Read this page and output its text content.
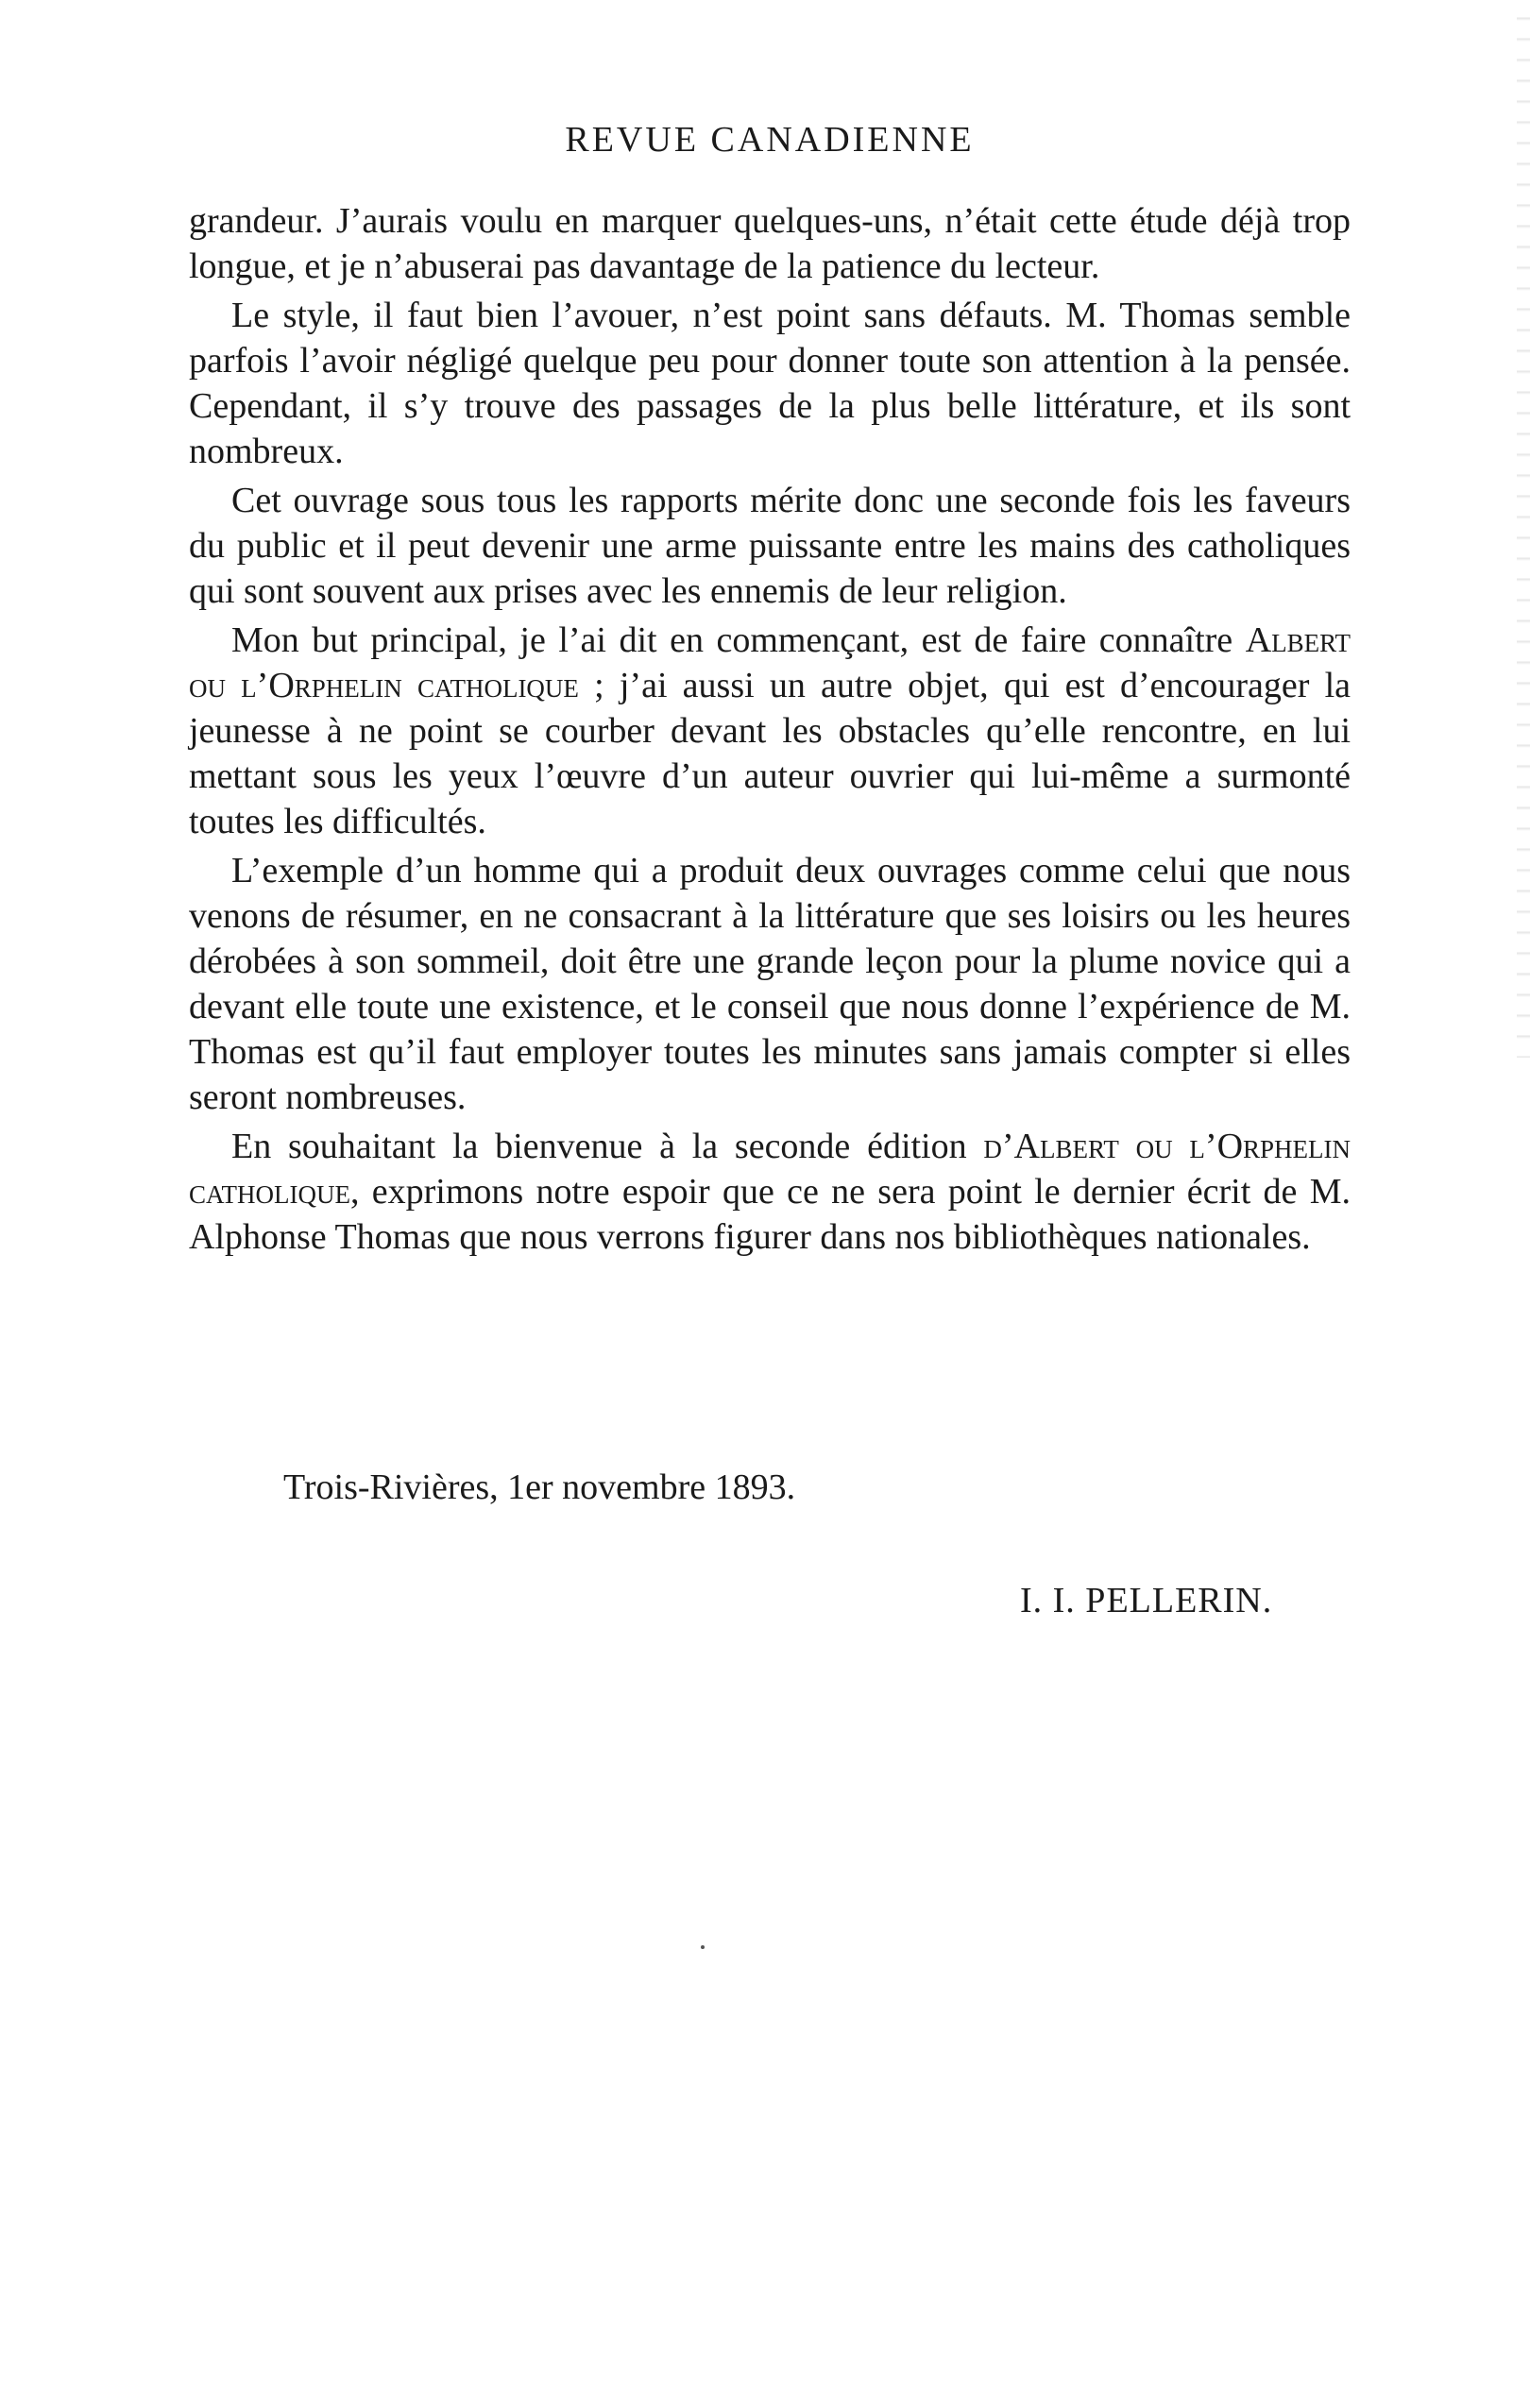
REVUE CANADIENNE

grandeur. J’aurais voulu en marquer quelques-uns, n’était cette étude déjà trop longue, et je n’abuserai pas davantage de la patience du lecteur.

Le style, il faut bien l’avouer, n’est point sans défauts. M. Thomas semble parfois l’avoir négligé quelque peu pour donner toute son attention à la pensée. Cependant, il s’y trouve des passages de la plus belle littérature, et ils sont nombreux.

Cet ouvrage sous tous les rapports mérite donc une seconde fois les faveurs du public et il peut devenir une arme puissante entre les mains des catholiques qui sont souvent aux prises avec les ennemis de leur religion.

Mon but principal, je l’ai dit en commençant, est de faire connaître Albert ou l’Orphelin catholique ; j’ai aussi un autre objet, qui est d’encourager la jeunesse à ne point se courber devant les obstacles qu’elle rencontre, en lui mettant sous les yeux l’œuvre d’un auteur ouvrier qui lui-même a surmonté toutes les difficultés.

L’exemple d’un homme qui a produit deux ouvrages comme celui que nous venons de résumer, en ne consacrant à la littérature que ses loisirs ou les heures dérobées à son sommeil, doit être une grande leçon pour la plume novice qui a devant elle toute une existence, et le conseil que nous donne l’expérience de M. Thomas est qu’il faut employer toutes les minutes sans jamais compter si elles seront nombreuses.

En souhaitant la bienvenue à la seconde édition d’Albert ou l’Orphelin catholique, exprimons notre espoir que ce ne sera point le dernier écrit de M. Alphonse Thomas que nous verrons figurer dans nos bibliothèques nationales.

Trois-Rivières, 1er novembre 1893.
I. I. PELLERIN.
